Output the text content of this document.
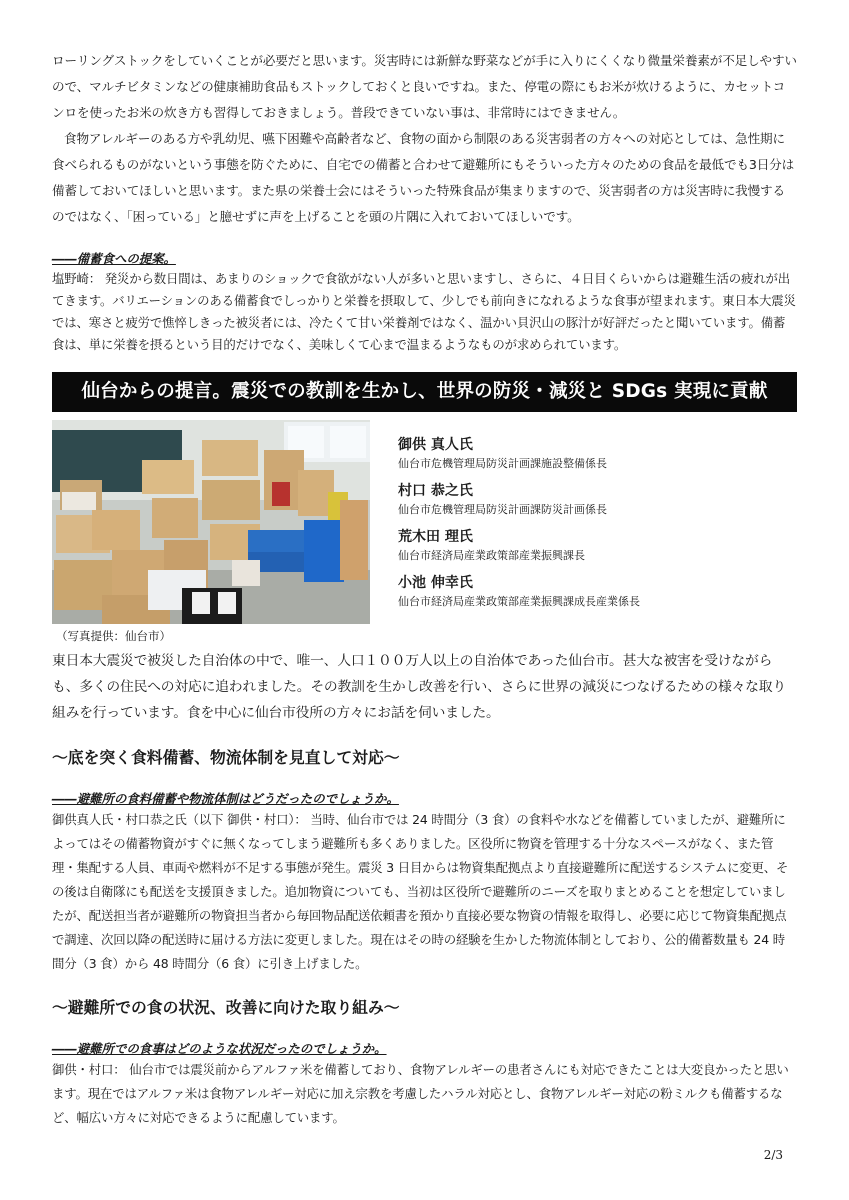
ローリングストックをしていくことが必要だと思います。災害時には新鮮な野菜などが手に入りにくくなり微量栄養素が不足しやすいので、マルチビタミンなどの健康補助食品もストックしておくと良いですね。また、停電の際にもお米が炊けるように、カセットコンロを使ったお米の炊き方も習得しておきましょう。普段できていない事は、非常時にはできません。

食物アレルギーのある方や乳幼児、嚥下困難や高齢者など、食物の面から制限のある災害弱者の方々への対応としては、急性期に食べられるものがないという事態を防ぐために、自宅での備蓄と合わせて避難所にもそういった方々のための食品を最低でも3日分は備蓄しておいてほしいと思います。また県の栄養士会にはそういった特殊食品が集まりますので、災害弱者の方は災害時に我慢するのではなく、「困っている」と臆せずに声を上げることを頭の片隅に入れておいてほしいです。

――備蓄食への提案。

塩野崎： 発災から数日間は、あまりのショックで食欲がない人が多いと思いますし、さらに、４日目くらいからは避難生活の疲れが出てきます。バリエーションのある備蓄食でしっかりと栄養を摂取して、少しでも前向きになれるような食事が望まれます。東日本大震災では、寒さと疲労で憔悴しきった被災者には、冷たくて甘い栄養剤ではなく、温かい貝沢山の豚汁が好評だったと聞いています。備蓄食は、単に栄養を摂るという目的だけでなく、美味しくて心まで温まるようなものが求められています。

仙台からの提言。震災での教訓を生かし、世界の防災・減災と SDGs 実現に貢献
御供 真人氏
仙台市危機管理局防災計画課施設整備係長
村口 恭之氏
仙台市危機管理局防災計画課防災計画係長
荒木田 理氏
仙台市経済局産業政策部産業振興課長
小池 伸幸氏
仙台市経済局産業政策部産業振興課成長産業係長
（写真提供：仙台市）

東日本大震災で被災した自治体の中で、唯一、人口１００万人以上の自治体であった仙台市。甚大な被害を受けながらも、多くの住民への対応に追われました。その教訓を生かし改善を行い、さらに世界の減災につなげるための様々な取り組みを行っています。食を中心に仙台市役所の方々にお話を伺いました。

～底を突く食料備蓄、物流体制を見直して対応～

――避難所の食料備蓄や物流体制はどうだったのでしょうか。

御供真人氏・村口恭之氏（以下 御供・村口）： 当時、仙台市では 24 時間分（3 食）の食料や水などを備蓄していましたが、避難所によってはその備蓄物資がすぐに無くなってしまう避難所も多くありました。区役所に物資を管理する十分なスペースがなく、また管理・集配する人員、車両や燃料が不足する事態が発生。震災 3 日目からは物資集配拠点より直接避難所に配送するシステムに変更、その後は自衛隊にも配送を支援頂きました。追加物資についても、当初は区役所で避難所のニーズを取りまとめることを想定していましたが、配送担当者が避難所の物資担当者から毎回物品配送依頼書を預かり直接必要な物資の情報を取得し、必要に応じて物資集配拠点で調達、次回以降の配送時に届ける方法に変更しました。現在はその時の経験を生かした物流体制としており、公的備蓄数量も 24 時間分（3 食）から 48 時間分（6 食）に引き上げました。

～避難所での食の状況、改善に向けた取り組み～

――避難所での食事はどのような状況だったのでしょうか。

御供・村口： 仙台市では震災前からアルファ米を備蓄しており、食物アレルギーの患者さんにも対応できたことは大変良かったと思います。現在ではアルファ米は食物アレルギー対応に加え宗教を考慮したハラル対応とし、食物アレルギー対応の粉ミルクも備蓄するなど、幅広い方々に対応できるように配慮しています。

2/3
